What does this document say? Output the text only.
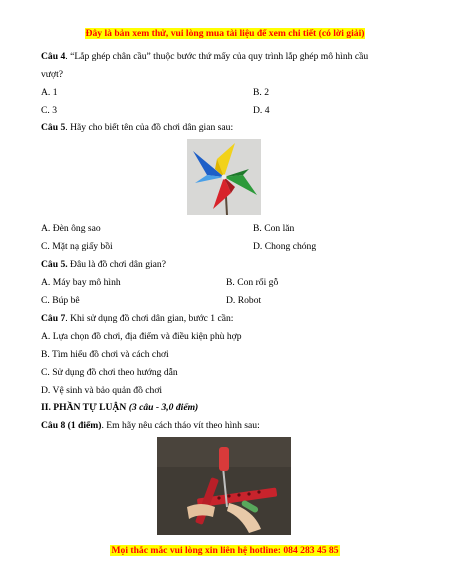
Đây là bản xem thử, vui lòng mua tài liệu để xem chi tiết (có lời giải)
Câu 4. “Lắp ghép chân cầu” thuộc bước thứ mấy của quy trình lắp ghép mô hình cầu
vượt?
A. 1	B. 2
C. 3	D. 4
Câu 5. Hãy cho biết tên của đồ chơi dân gian sau:
A. Đèn ông sao	B. Con lăn
C. Mặt nạ giấy bồi	D. Chong chóng
Câu 5. Đâu là đồ chơi dân gian?
A. Máy bay mô hình	B. Con rối gỗ
C. Búp bê	D. Robot
Câu 7. Khi sử dụng đồ chơi dân gian, bước 1 cần:
A. Lựa chọn đồ chơi, địa điểm và điều kiện phù hợp
B. Tìm hiểu đồ chơi và cách chơi
C. Sử dụng đồ chơi theo hướng dẫn
D. Vệ sinh và bảo quản đồ chơi
II. PHẦN TỰ LUẬN (3 câu - 3,0 điểm)
Câu 8 (1 điểm). Em hãy nêu cách tháo vít theo hình sau:
Mọi thắc mắc vui lòng xin liên hệ hotline: 084 283 45 85
